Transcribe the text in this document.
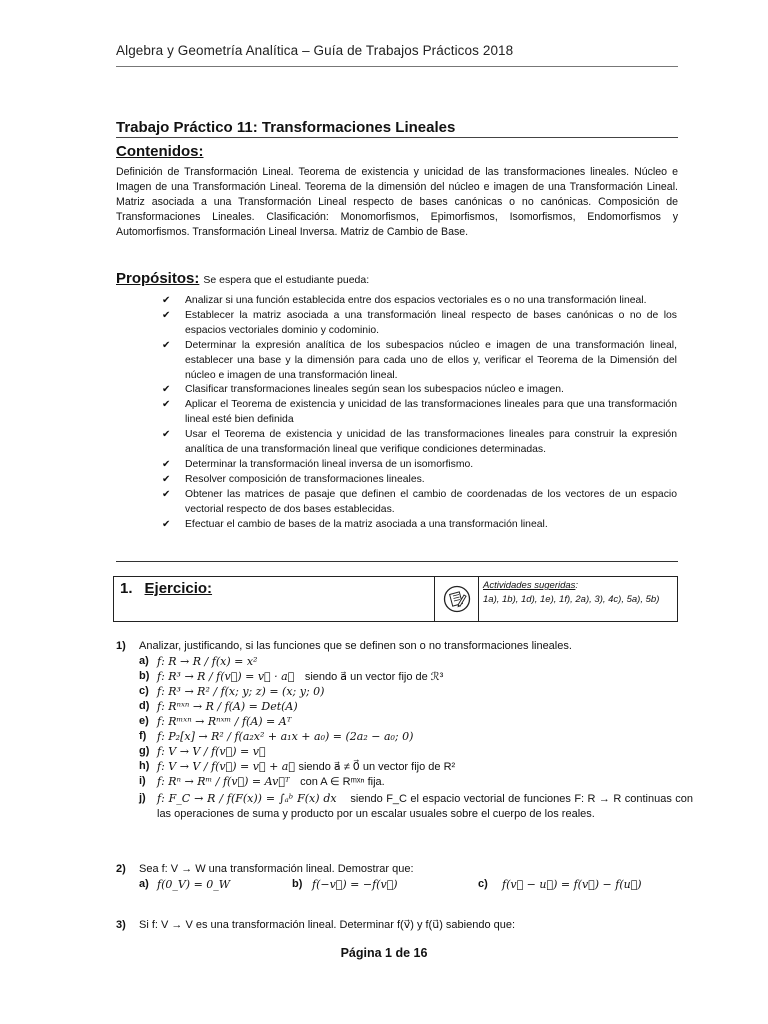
Algebra y Geometría Analítica – Guía de Trabajos Prácticos 2018
Trabajo Práctico 11: Transformaciones Lineales
Contenidos:

Definición de Transformación Lineal. Teorema de existencia y unicidad de las transformaciones lineales. Núcleo e Imagen de una Transformación Lineal. Teorema de la dimensión del núcleo e imagen de una Transformación Lineal. Matriz asociada a una Transformación Lineal respecto de bases canónicas o no canónicas. Composición de Transformaciones Lineales. Clasificación: Monomorfismos, Epimorfismos, Isomorfismos, Endomorfismos y Automorfismos. Transformación Lineal Inversa. Matriz de Cambio de Base.

Propósitos: Se espera que el estudiante pueda:
✔ Analizar si una función establecida entre dos espacios vectoriales es o no una transformación lineal.
✔ Establecer la matriz asociada a una transformación lineal respecto de bases canónicas o no de los espacios vectoriales dominio y codominio.
✔ Determinar la expresión analítica de los subespacios núcleo e imagen de una transformación lineal, establecer una base y la dimensión para cada uno de ellos y, verificar el Teorema de la Dimensión del núcleo e imagen de una transformación lineal.
✔ Clasificar transformaciones lineales según sean los subespacios núcleo e imagen.
✔ Aplicar el Teorema de existencia y unicidad de las transformaciones lineales para que una transformación lineal esté bien definida
✔ Usar el Teorema de existencia y unicidad de las transformaciones lineales para construir la expresión analítica de una transformación lineal que verifique condiciones determinadas.
✔ Determinar la transformación lineal inversa de un isomorfismo.
✔ Resolver composición de transformaciones lineales.
✔ Obtener las matrices de pasaje que definen el cambio de coordenadas de los vectores de un espacio vectorial respecto de dos bases establecidas.
✔ Efectuar el cambio de bases de la matriz asociada a una transformación lineal.
1. Ejercicio:	Actividades sugeridas:
1a), 1b), 1d), 1e), 1f), 2a), 3), 4c), 5a), 5b)
1) Analizar, justificando, si las funciones que se definen son o no transformaciones lineales.
a) f: R → R / f(x) = x²
b) f: R³ → R / f(v⃗) = v⃗ · a⃗ siendo a⃗ un vector fijo de ℛ³
c) f: R³ → R² / f(x; y; z) = (x; y; 0)
d) f: Rⁿˣⁿ → R / f(A) = Det(A)
e) f: Rᵐˣⁿ → Rⁿˣᵐ / f(A) = Aᵀ
f) f: P₂[x] → R² / f(a₂x² + a₁x + a₀) = (2a₂ − a₀; 0)
g) f: V → V / f(v⃗) = v⃗
h) f: V → V / f(v⃗) = v⃗ + a⃗ siendo a⃗ ≠ 0⃗ un vector fijo de R²
i) f: Rⁿ → Rᵐ / f(v⃗) = Av⃗ᵀ con A ∈ Rᵐˣⁿ fija.
j) f: F_C → R / f(F(x)) = ∫ₐᵇ F(x) dx siendo F_C el espacio vectorial de funciones F: R → R continuas con las operaciones de suma y producto por un escalar usuales sobre el cuerpo de los reales.
2) Sea f: V → W una transformación lineal. Demostrar que:
a) f(0_V) = 0_W	b) f(−v⃗) = −f(v⃗)	c) f(v⃗ − u⃗) = f(v⃗) − f(u⃗)
3) Si f: V → V es una transformación lineal. Determinar f(v⃗) y f(u⃗) sabiendo que:
Página 1 de 16
